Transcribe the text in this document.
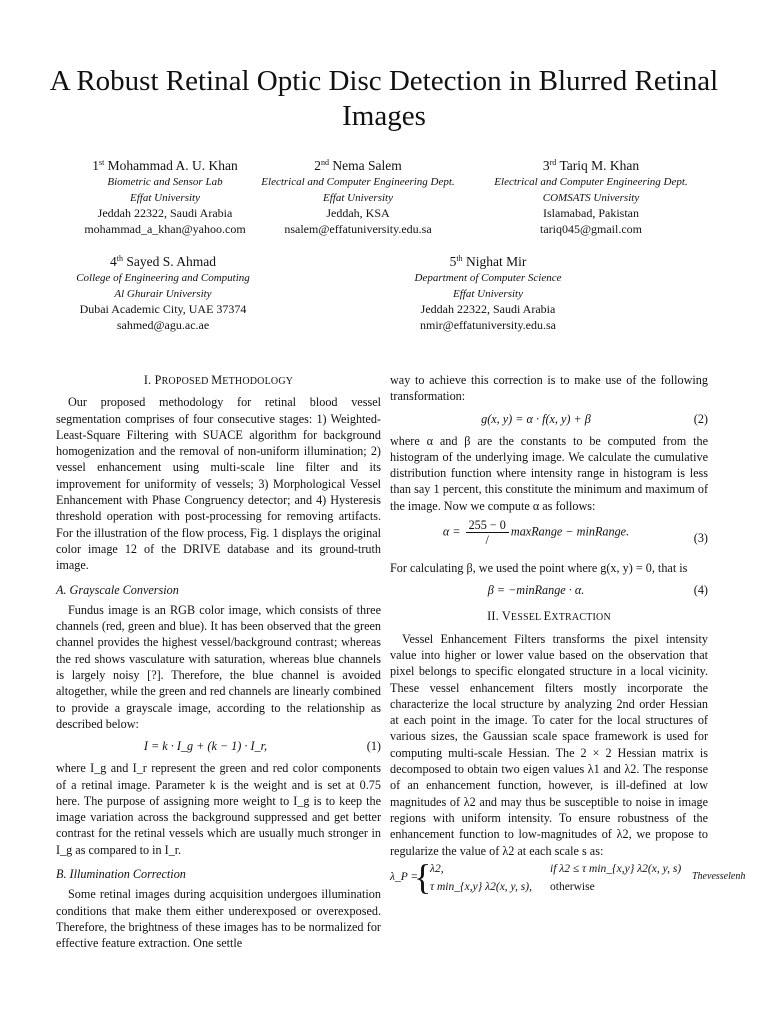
A Robust Retinal Optic Disc Detection in Blurred Retinal Images
1st Mohammad A. U. Khan
Biometric and Sensor Lab
Effat University
Jeddah 22322, Saudi Arabia
mohammad_a_khan@yahoo.com
2nd Nema Salem
Electrical and Computer Engineering Dept.
Effat University
Jeddah, KSA
nsalem@effatuniversity.edu.sa
3rd Tariq M. Khan
Electrical and Computer Engineering Dept.
COMSATS University
Islamabad, Pakistan
tariq045@gmail.com
4th Sayed S. Ahmad
College of Engineering and Computing
Al Ghurair University
Dubai Academic City, UAE 37374
sahmed@agu.ac.ae
5th Nighat Mir
Department of Computer Science
Effat University
Jeddah 22322, Saudi Arabia
nmir@effatuniversity.edu.sa
I. PROPOSED METHODOLOGY

Our proposed methodology for retinal blood vessel segmentation comprises of four consecutive stages: 1) Weighted-Least-Square Filtering with SUACE algorithm for background homogenization and the removal of non-uniform illumination; 2) vessel enhancement using multi-scale line filter and its improvement for uniformity of vessels; 3) Morphological Vessel Enhancement with Phase Congruency detector; and 4) Hysteresis threshold operation with post-processing for removing artifacts. For the illustration of the flow process, Fig. 1 displays the original color image 12 of the DRIVE database and its ground-truth image.

A. Grayscale Conversion

Fundus image is an RGB color image, which consists of three channels (red, green and blue). It has been observed that the green channel provides the highest vessel/background contrast; whereas the red shows vasculature with saturation, whereas blue channels is largely noisy [?]. Therefore, the blue channel is avoided altogether, while the green and red channels are linearly combined to provide a grayscale image, according to the relationship as described below:

I = k · I_g + (k − 1) · I_r,	(1)

where I_g and I_r represent the green and red color components of a retinal image. Parameter k is the weight and is set at 0.75 here. The purpose of assigning more weight to I_g is to keep the image variation across the background suppressed and get better contrast for the retinal vessels which are usually much stronger in I_g as compared to in I_r.

B. Illumination Correction

Some retinal images during acquisition undergoes illumination conditions that make them either underexposed or overexposed. Therefore, the brightness of these images has to be normalized for effective feature extraction. One settle

way to achieve this correction is to make use of the following transformation:

g(x, y) = α · f(x, y) + β	(2)

where α and β are the constants to be computed from the histogram of the underlying image. We calculate the cumulative distribution function where intensity range in histogram is less than say 1 percent, this constitute the minimum and maximum of the image. Now we compute α as follows:

$\alpha = \frac{255 - 0}{/}$ maxRange − minRange.	(3)

For calculating β, we used the point where g(x, y) = 0, that is

β = −minRange · α.	(4)
II. VESSEL EXTRACTION

Vessel Enhancement Filters transforms the pixel intensity value into higher or lower value based on the observation that pixel belongs to specific elongated structure in a local vicinity. These vessel enhancement filters mostly incorporate the characterize the local structure by analyzing 2nd order Hessian at each point in the image. To cater for the local structures of various sizes, the Gaussian scale space framework is used for computing multi-scale Hessian. The 2 × 2 Hessian matrix is decomposed to obtain two eigen values λ1 and λ2. The response of an enhancement function, however, is ill-defined at low magnitudes of λ2 and may thus be susceptible to noise in image regions with uniform intensity. To ensure robustness of the enhancement function to low-magnitudes of λ2, we propose to regularize the value of λ2 at each scale s as:

λ_P =
{
λ2,
τ min_{x,y} λ2(x, y, s),
if λ2 ≤ τ min_{x,y} λ2(x, y, s)
otherwise
Thevesselenh
